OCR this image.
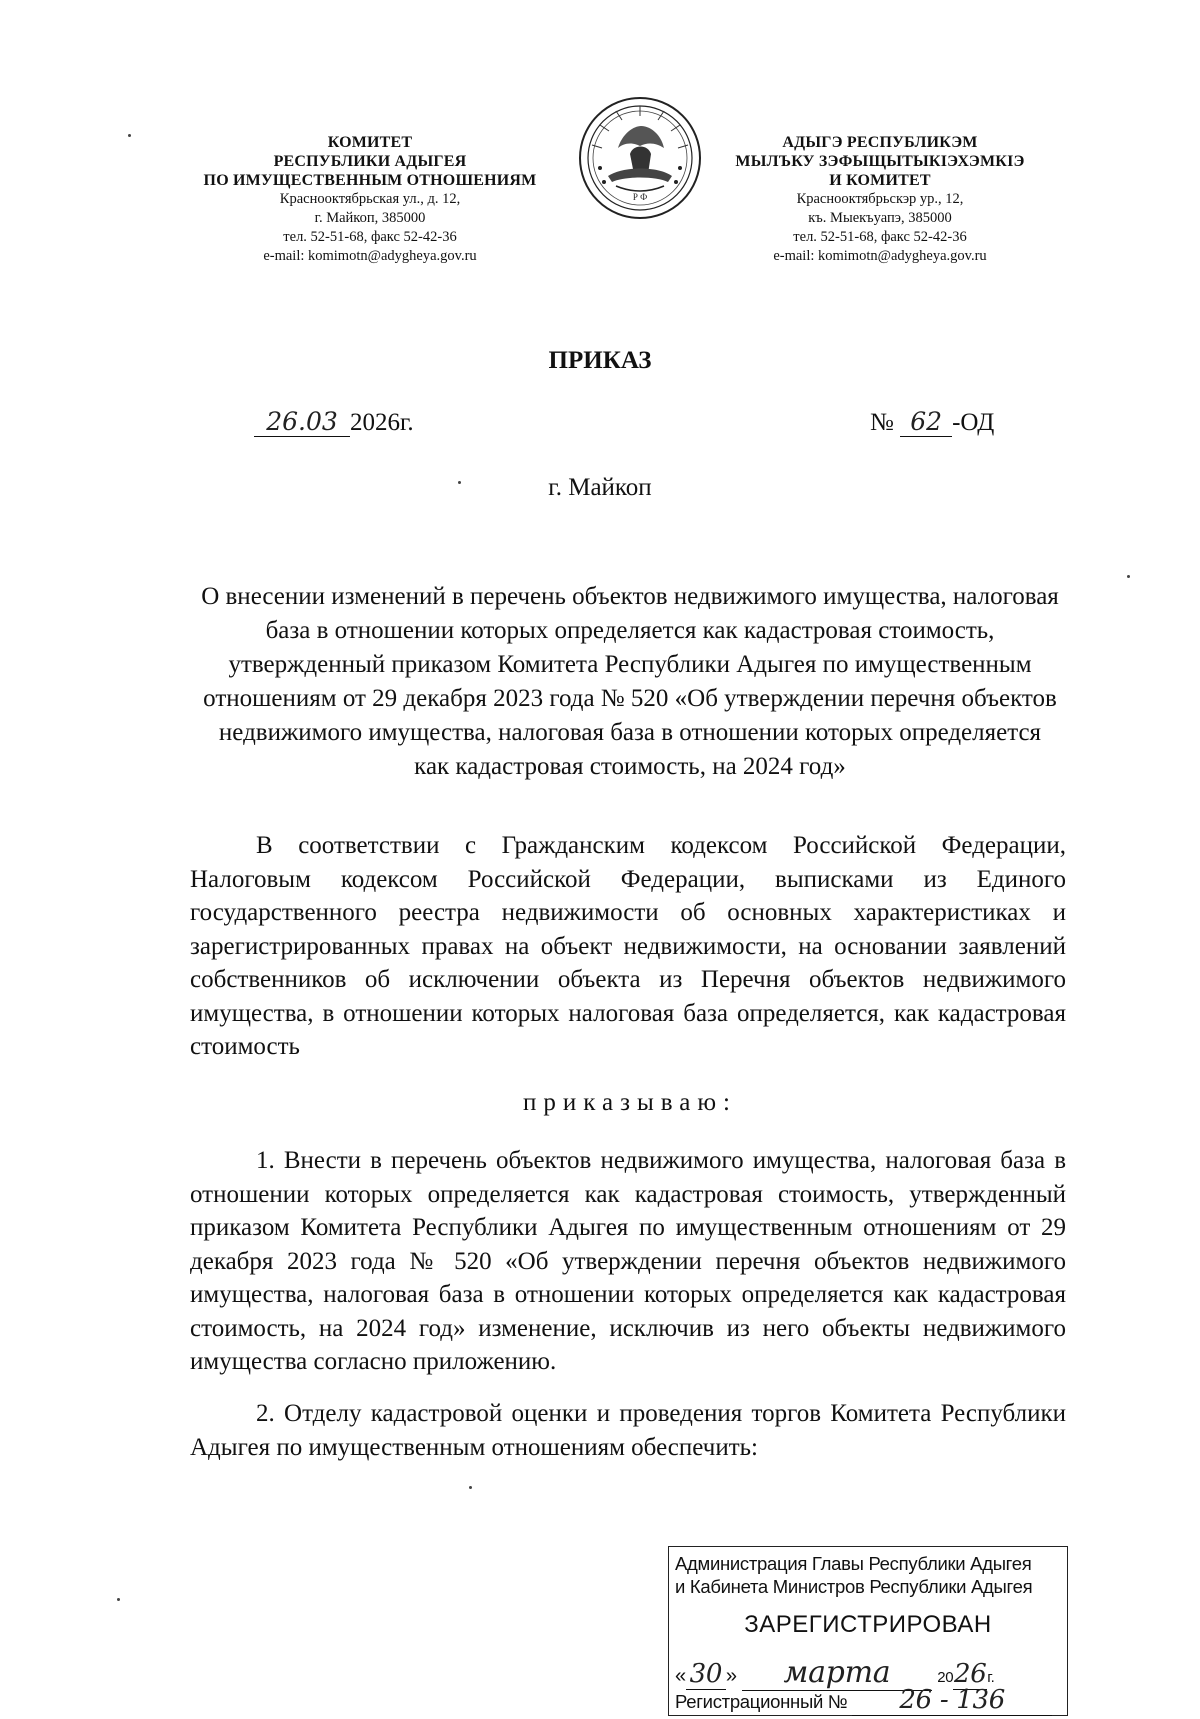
КОМИТЕТ
РЕСПУБЛИКИ АДЫГЕЯ
ПО ИМУЩЕСТВЕННЫМ ОТНОШЕНИЯМ
Краснооктябрьская ул., д. 12,
г. Майкоп, 385000
тел. 52-51-68, факс 52-42-36
e-mail: komimotn@adygheya.gov.ru
Р Ф
АДЫГЭ РЕСПУБЛИКЭМ
МЫЛЪКУ ЗЭФЫЩЫТЫКIЭХЭМКIЭ
И КОМИТЕТ
Краснооктябрьскэр ур., 12,
къ. Мыекъуапэ, 385000
тел. 52-51-68, факс 52-42-36
e-mail: komimotn@adygheya.gov.ru
ПРИКАЗ
26.03 2026г.	№ 62 -ОД
г. Майкоп
О внесении изменений в перечень объектов недвижимого имущества, налоговая база в отношении которых определяется как кадастровая стоимость, утвержденный приказом Комитета Республики Адыгея по имущественным отношениям от 29 декабря 2023 года № 520 «Об утверждении перечня объектов недвижимого имущества, налоговая база в отношении которых определяется как кадастровая стоимость, на 2024 год»

В соответствии с Гражданским кодексом Российской Федерации, Налоговым кодексом Российской Федерации, выписками из Единого государственного реестра недвижимости об основных характеристиках и зарегистрированных правах на объект недвижимости, на основании заявлений собственников об исключении объекта из Перечня объектов недвижимого имущества, в отношении которых налоговая база определяется, как кадастровая стоимость

приказываю:

1. Внести в перечень объектов недвижимого имущества, налоговая база в отношении которых определяется как кадастровая стоимость, утвержденный приказом Комитета Республики Адыгея по имущественным отношениям от 29 декабря 2023 года № 520 «Об утверждении перечня объектов недвижимого имущества, налоговая база в отношении которых определяется как кадастровая стоимость, на 2024 год» изменение, исключив из него объекты недвижимого имущества согласно приложению.

2. Отделу кадастровой оценки и проведения торгов Комитета Республики Адыгея по имущественным отношениям обеспечить:

Администрация Главы Республики Адыгея
и Кабинета Министров Республики Адыгея
ЗАРЕГИСТРИРОВАН
« 30 » марта	2026г.
Регистрационный № 26 - 136
